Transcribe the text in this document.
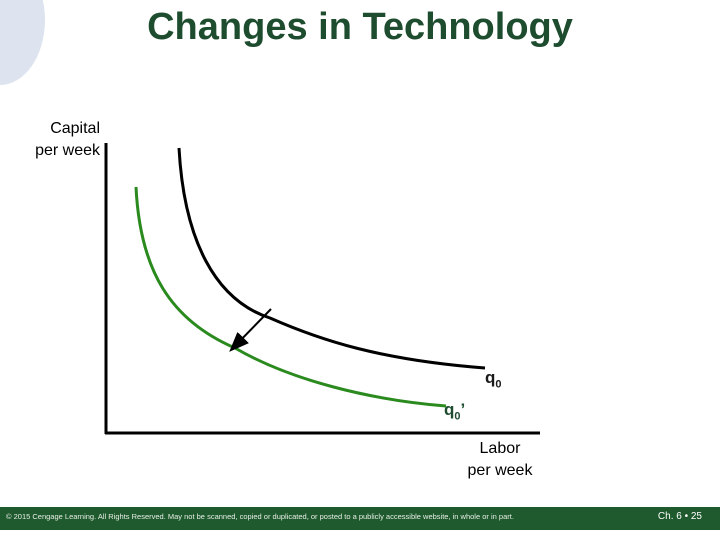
Changes in Technology
Capital
per week
$q_0$
$q_0$’
Labor
per week
© 2015 Cengage Learning. All Rights Reserved. May not be scanned, copied or duplicated, or posted to a publicly accessible website, in whole or in part.	Ch. 6 • 25
